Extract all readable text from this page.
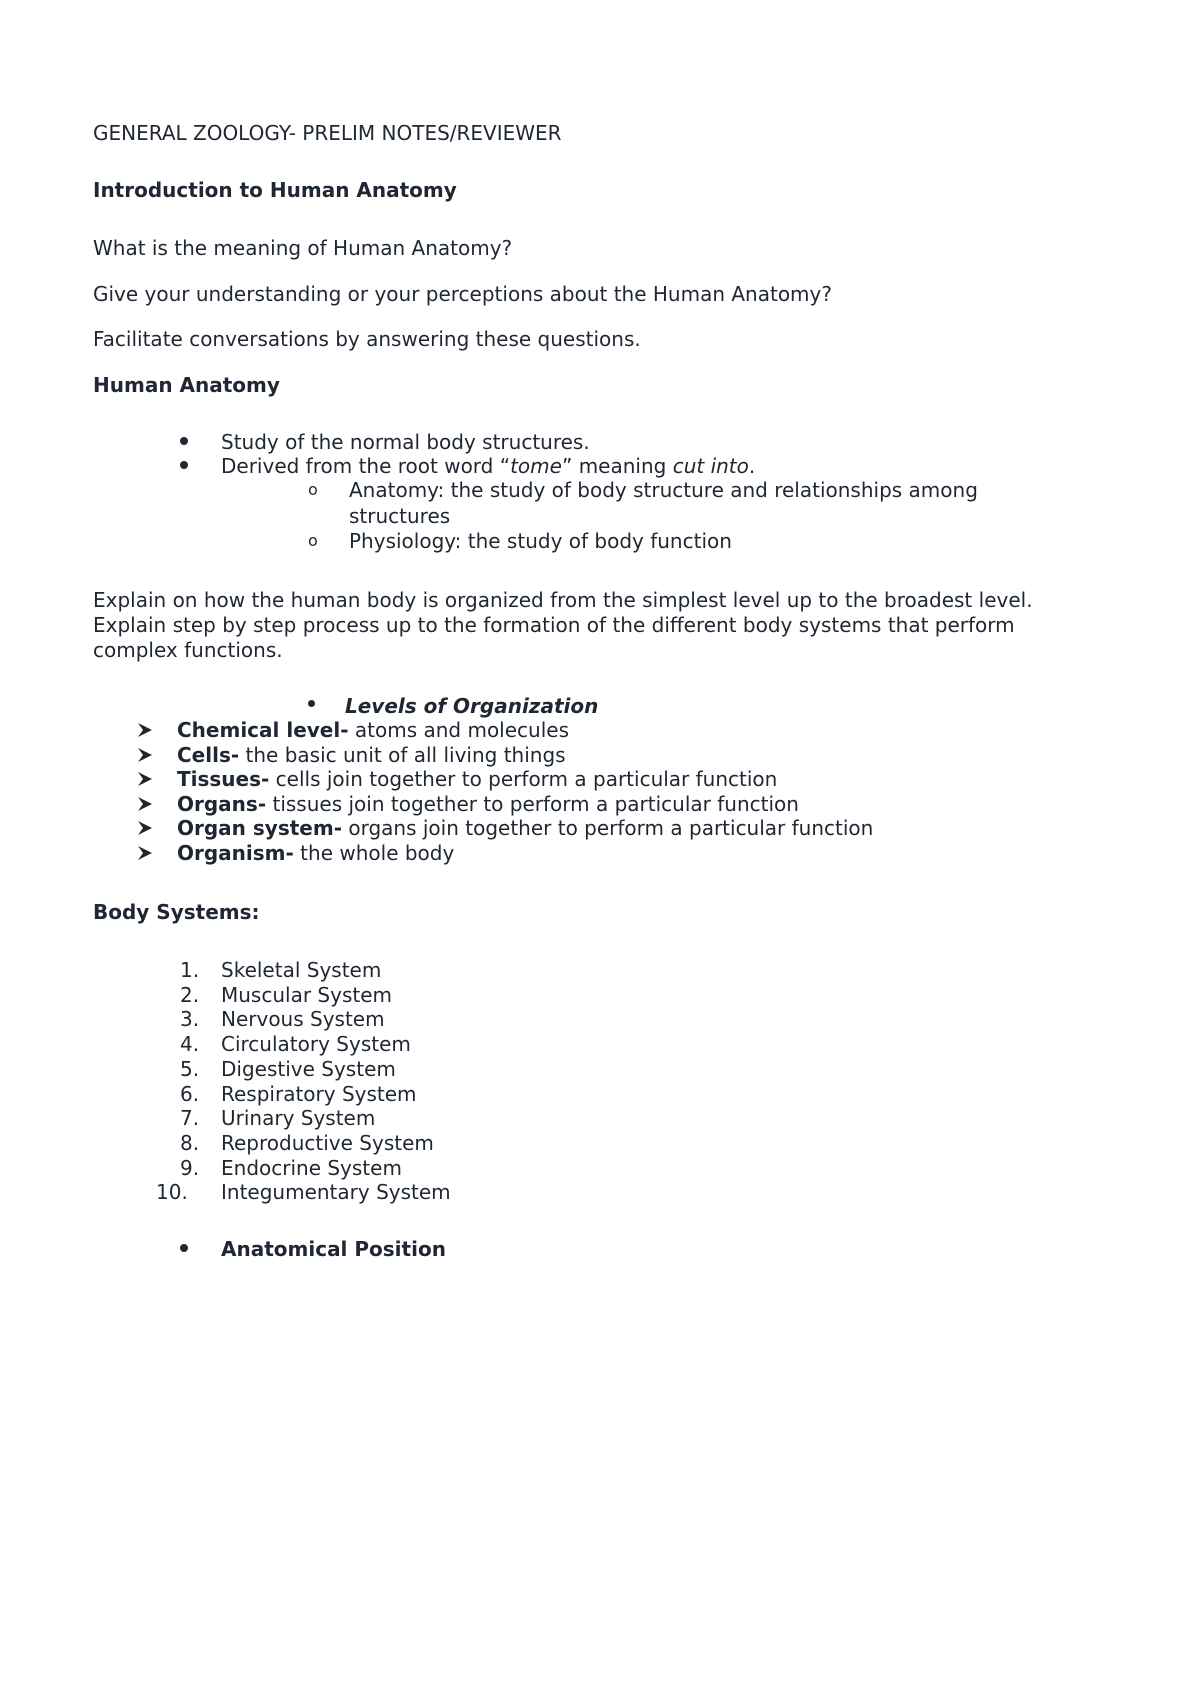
GENERAL ZOOLOGY- PRELIM NOTES/REVIEWER
Introduction to Human Anatomy
What is the meaning of Human Anatomy?
Give your understanding or your perceptions about the Human Anatomy?
Facilitate conversations by answering these questions.
Human Anatomy
Study of the normal body structures.
Derived from the root word “tome” meaning cut into.
o Anatomy: the study of body structure and relationships among
structures
o Physiology: the study of body function
Explain on how the human body is organized from the simplest level up to the broadest level.
Explain step by step process up to the formation of the different body systems that perform
complex functions.
Levels of Organization
Chemical level- atoms and molecules
Cells- the basic unit of all living things
Tissues- cells join together to perform a particular function
Organs- tissues join together to perform a particular function
Organ system- organs join together to perform a particular function
Organism- the whole body
Body Systems:
1.	Skeletal System
2.	Muscular System
3.	Nervous System
4.	Circulatory System
5.	Digestive System
6.	Respiratory System
7.	Urinary System
8.	Reproductive System
9.	Endocrine System
10.	Integumentary System
Anatomical Position
